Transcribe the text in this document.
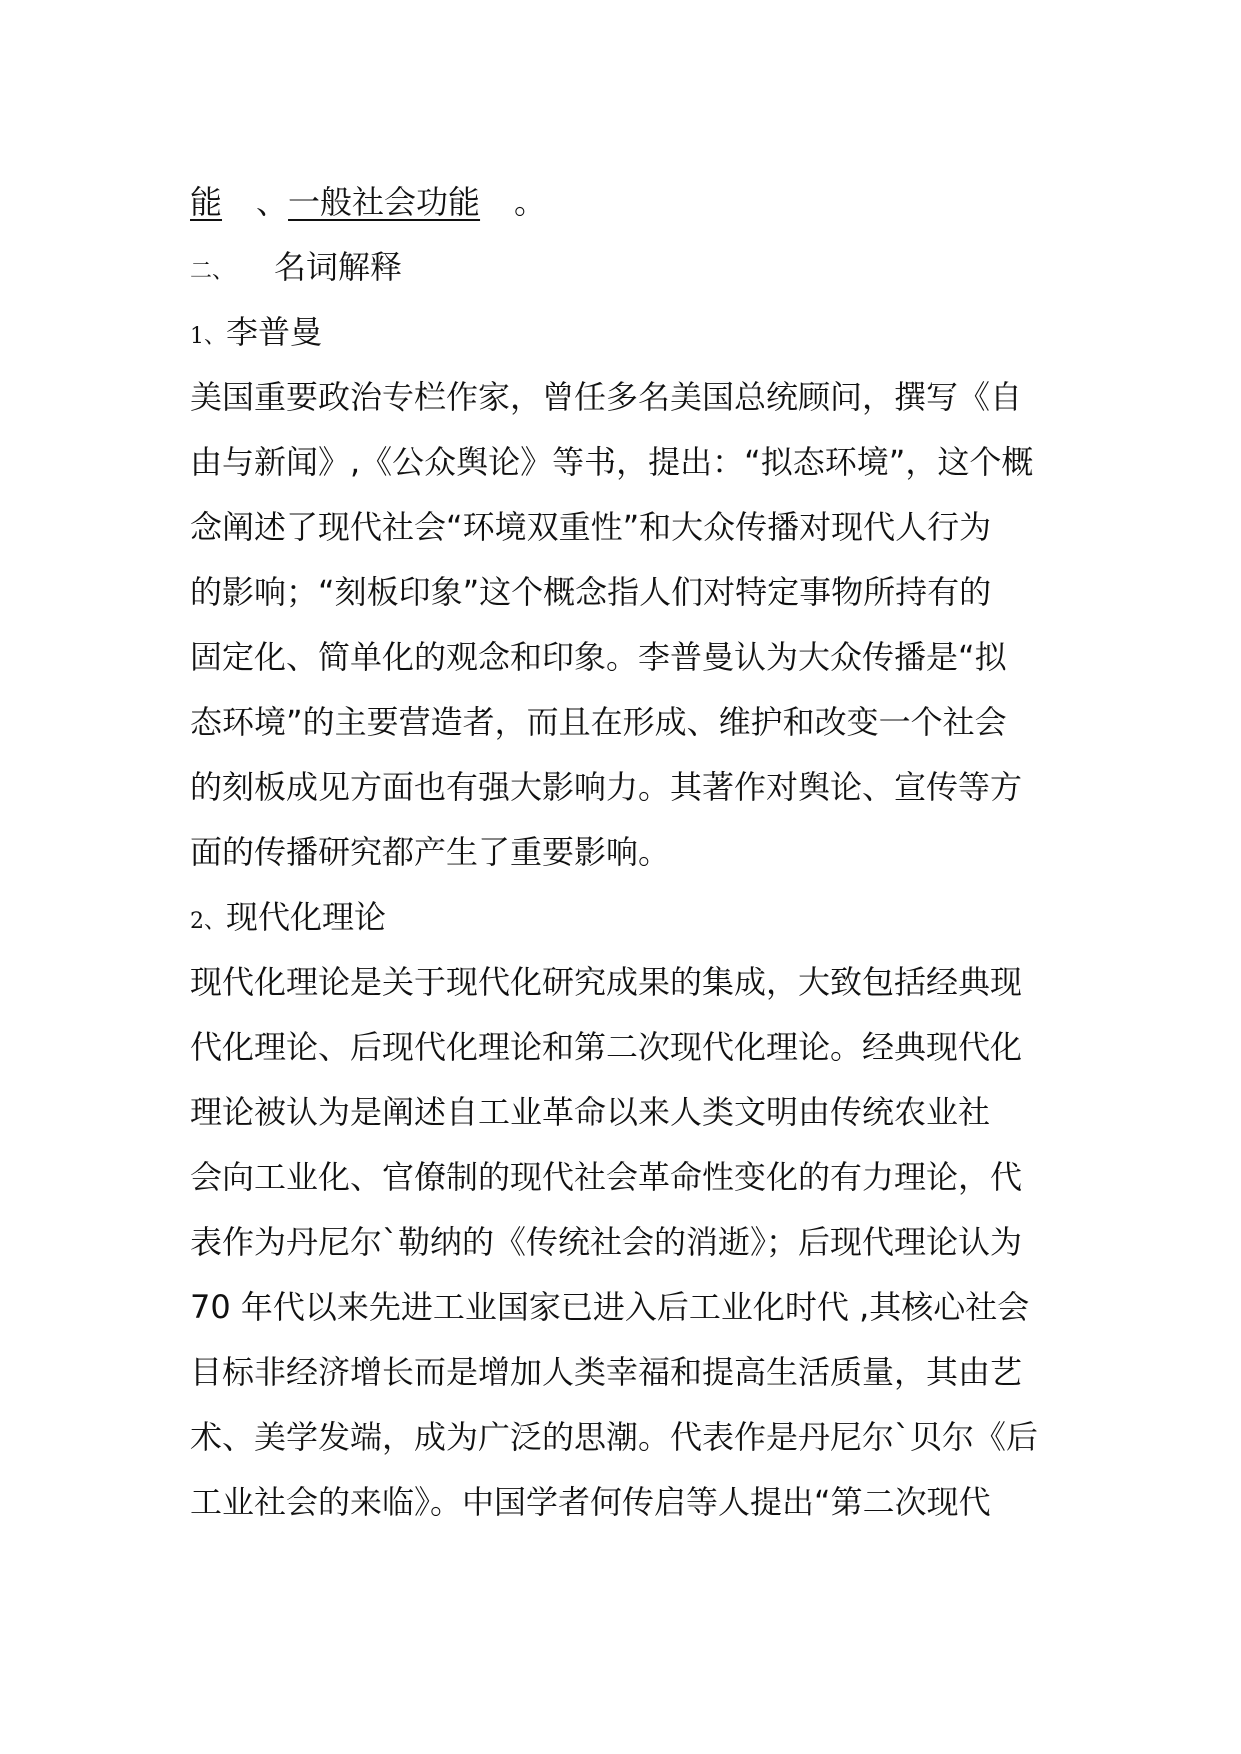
能 、一般社会功能 。
二、 名词解释
1、李普曼
美国重要政治专栏作家，曾任多名美国总统顾问，撰写《自
由与新闻》,《公众舆论》等书，提出：“拟态环境”，这个概
念阐述了现代社会“环境双重性”和大众传播对现代人行为
的影响；“刻板印象”这个概念指人们对特定事物所持有的
固定化、简单化的观念和印象。李普曼认为大众传播是“拟
态环境”的主要营造者，而且在形成、维护和改变一个社会
的刻板成见方面也有强大影响力。其著作对舆论、宣传等方
面的传播研究都产生了重要影响。
2、现代化理论
现代化理论是关于现代化研究成果的集成，大致包括经典现
代化理论、后现代化理论和第二次现代化理论。经典现代化
理论被认为是阐述自工业革命以来人类文明由传统农业社
会向工业化、官僚制的现代社会革命性变化的有力理论，代
表作为丹尼尔`勒纳的《传统社会的消逝》；后现代理论认为
70 年代以来先进工业国家已进入后工业化时代 ,其核心社会
目标非经济增长而是增加人类幸福和提高生活质量，其由艺
术、美学发端，成为广泛的思潮。代表作是丹尼尔`贝尔《后
工业社会的来临》。中国学者何传启等人提出“第二次现代
